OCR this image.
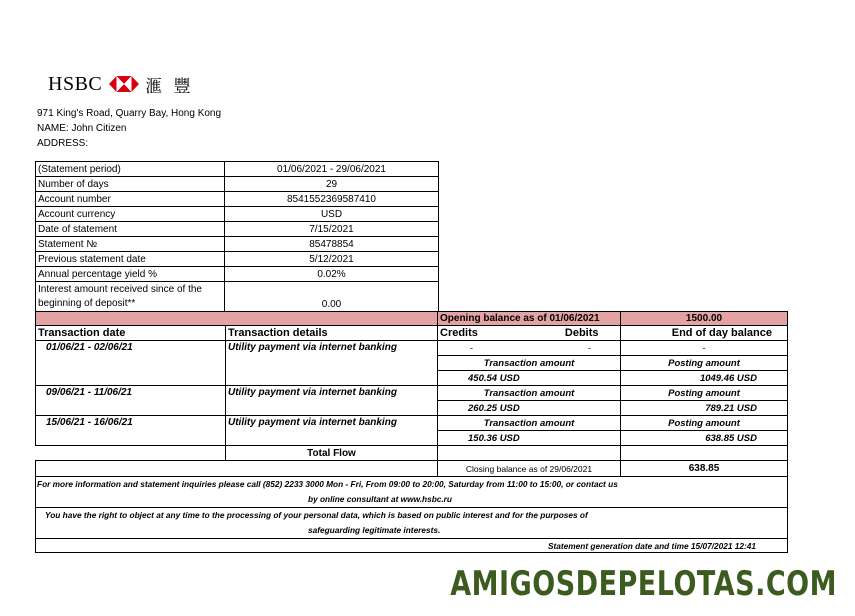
HSBC	滙 豐
971 King's Road, Quarry Bay, Hong Kong
NAME: John Citizen
ADDRESS:
(Statement period)	01/06/2021 - 29/06/2021
Number of days	29
Account number	8541552369587410
Account currency	USD
Date of statement	7/15/2021
Statement №	85478854
Previous statement date	5/12/2021
Annual percentage yield %	0.02%
Interest amount received since of the beginning of deposit**	0.00
Opening balance as of 01/06/2021	1500.00
Transaction date	Transaction details	Credits	Debits	End of day balance
01/06/21 - 02/06/21	Utility payment via internet banking	-	-	-
Transaction amount	Posting amount
450.54 USD	1049.46 USD
09/06/21 - 11/06/21	Utility payment via internet banking	Transaction amount	Posting amount
260.25 USD	789.21 USD
15/06/21 - 16/06/21	Utility payment via internet banking	Transaction amount	Posting amount
150.36 USD	638.85 USD
Total Flow
Closing balance as of 29/06/2021	638.85
For more information and statement inquiries please call (852) 2233 3000 Mon - Fri, From 09:00 to 20:00, Saturday from 11:00 to 15:00, or contact us
by online consultant at www.hsbc.ru
You have the right to object at any time to the processing of your personal data, which is based on public interest and for the purposes of
safeguarding legitimate interests.
Statement generation date and time 15/07/2021 12:41
AMIGOSDEPELOTAS.COM
